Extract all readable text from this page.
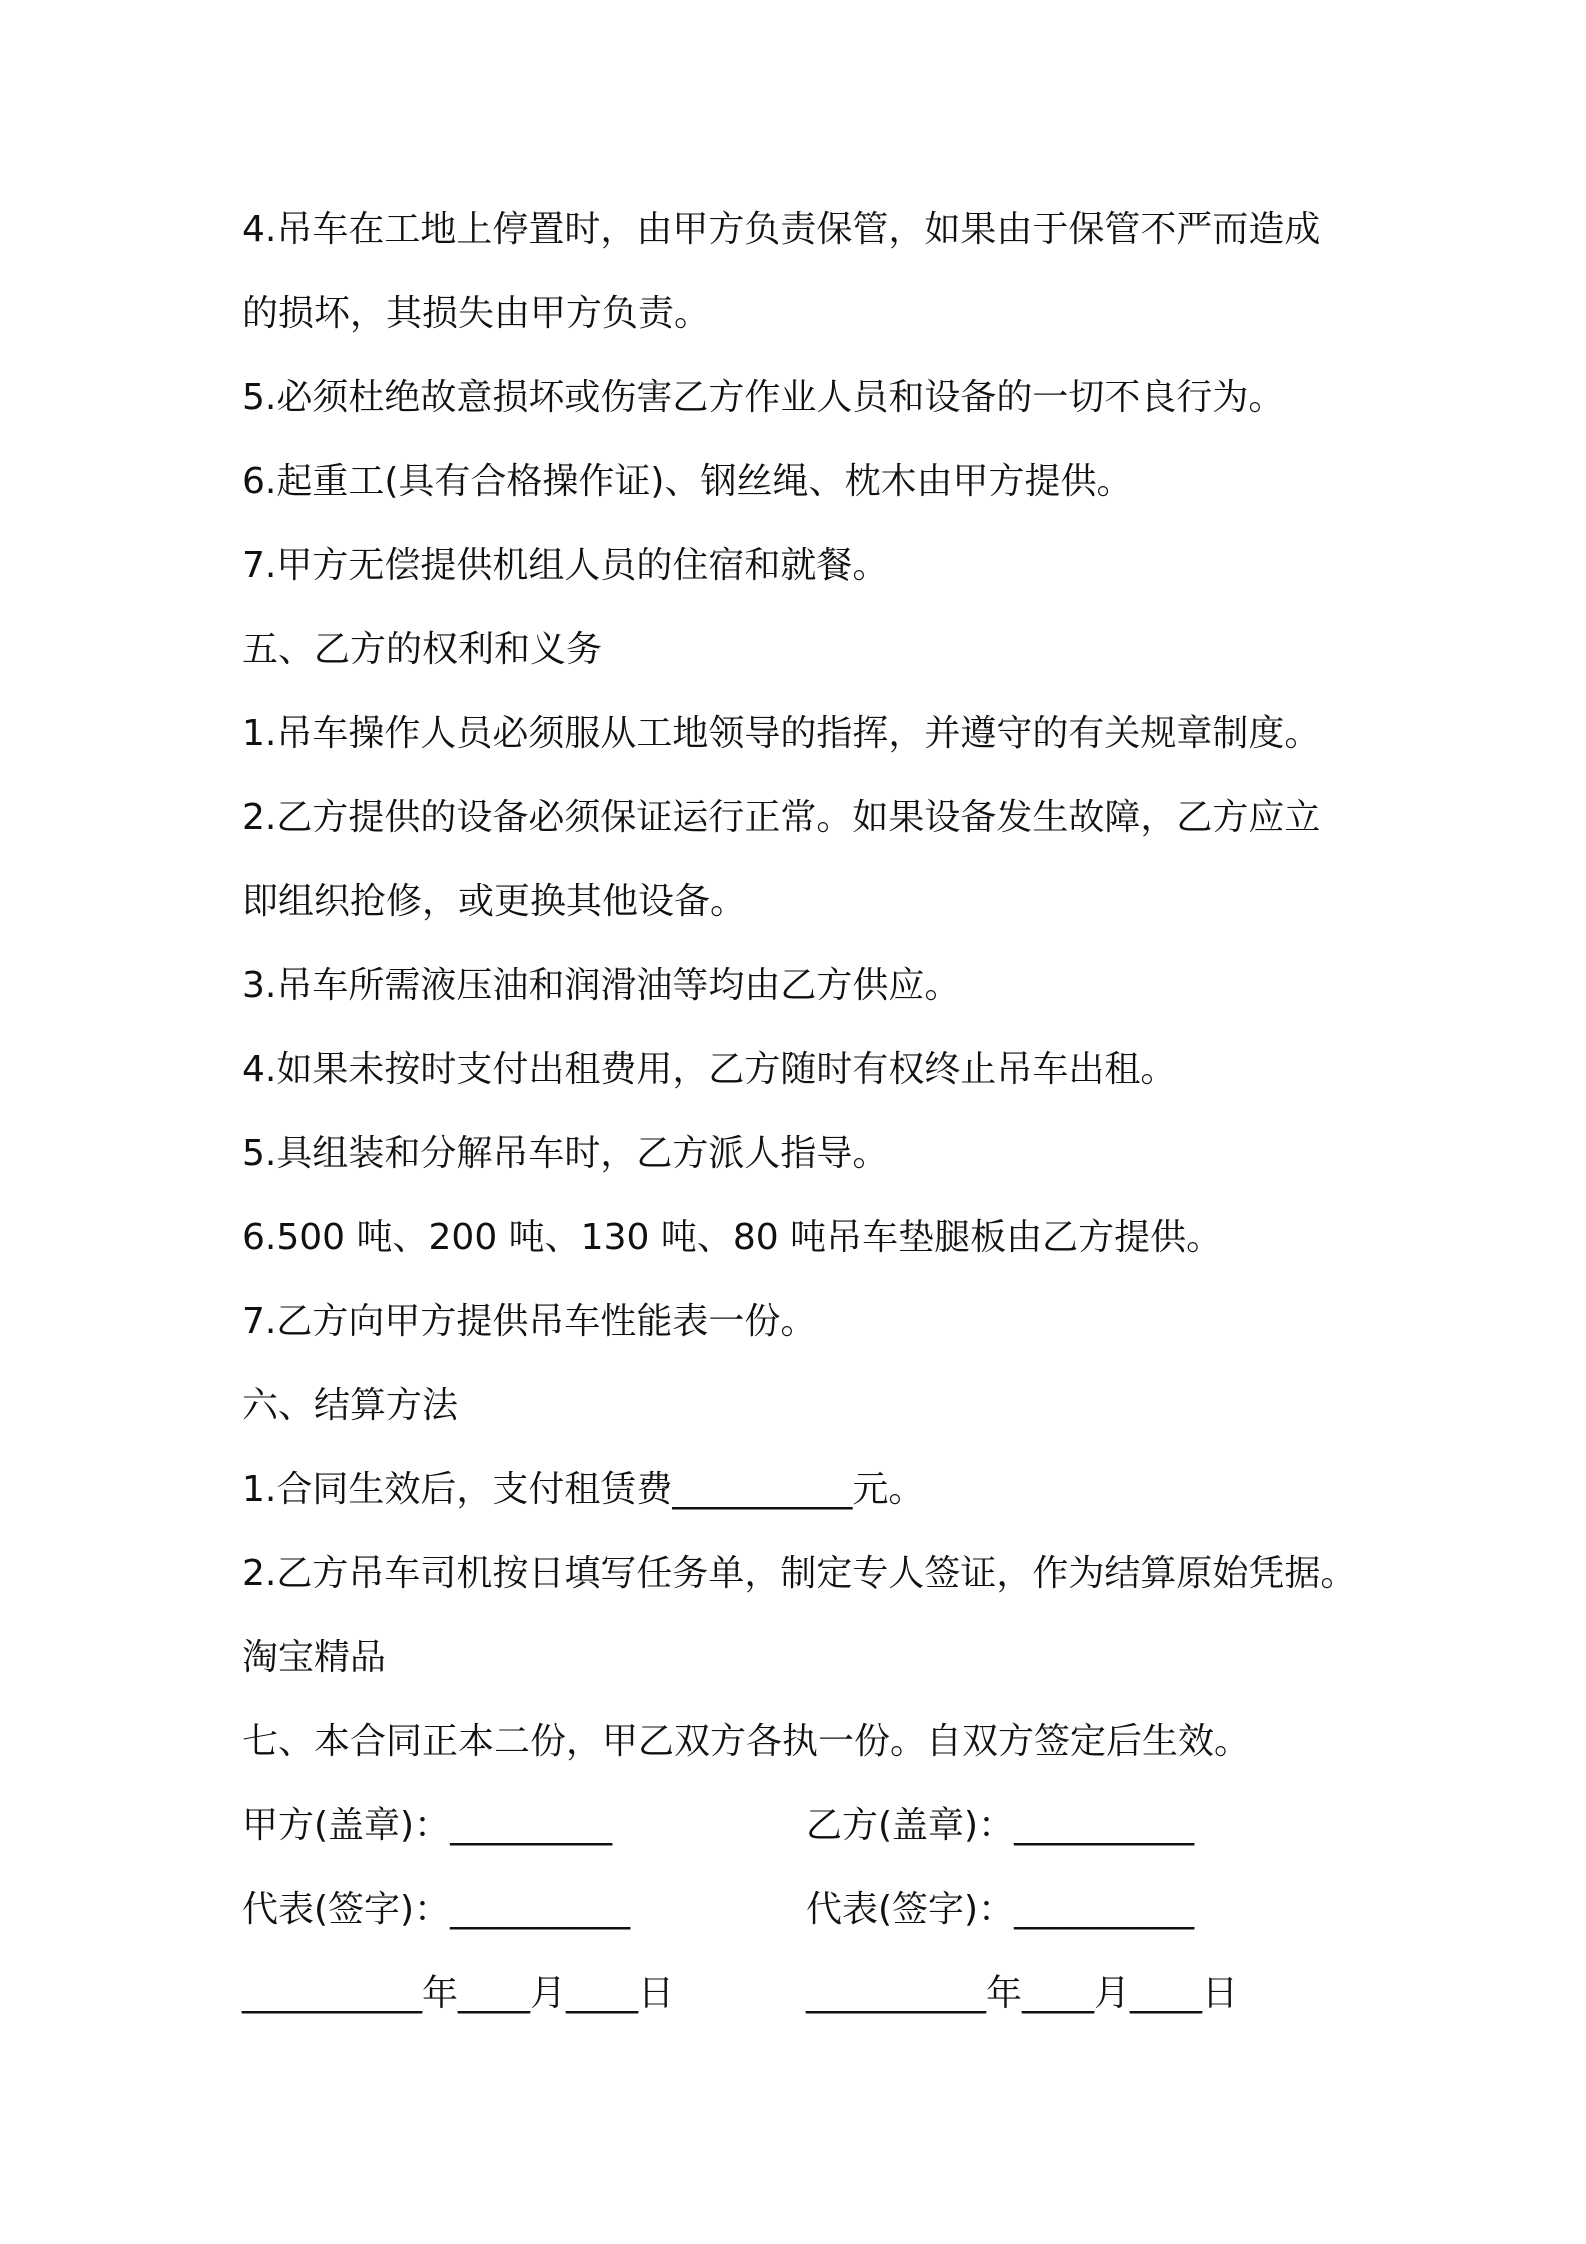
4.吊车在工地上停置时，由甲方负责保管，如果由于保管不严而造成
的损坏，其损失由甲方负责。
5.必须杜绝故意损坏或伤害乙方作业人员和设备的一切不良行为。
6.起重工(具有合格操作证)、钢丝绳、枕木由甲方提供。
7.甲方无偿提供机组人员的住宿和就餐。
五、乙方的权利和义务
1.吊车操作人员必须服从工地领导的指挥，并遵守的有关规章制度。
2.乙方提供的设备必须保证运行正常。如果设备发生故障，乙方应立
即组织抢修，或更换其他设备。
3.吊车所需液压油和润滑油等均由乙方供应。
4.如果未按时支付出租费用，乙方随时有权终止吊车出租。
5.具组装和分解吊车时，乙方派人指导。
6.500 吨、200 吨、130 吨、80 吨吊车垫腿板由乙方提供。
7.乙方向甲方提供吊车性能表一份。
六、结算方法
1.合同生效后，支付租赁费__________元。
2.乙方吊车司机按日填写任务单，制定专人签证，作为结算原始凭据。
淘宝精品
七、本合同正本二份，甲乙双方各执一份。自双方签定后生效。
甲方(盖章)：_________	乙方(盖章)：__________
代表(签字)：__________	代表(签字)：__________
__________年____月____日	__________年____月____日
